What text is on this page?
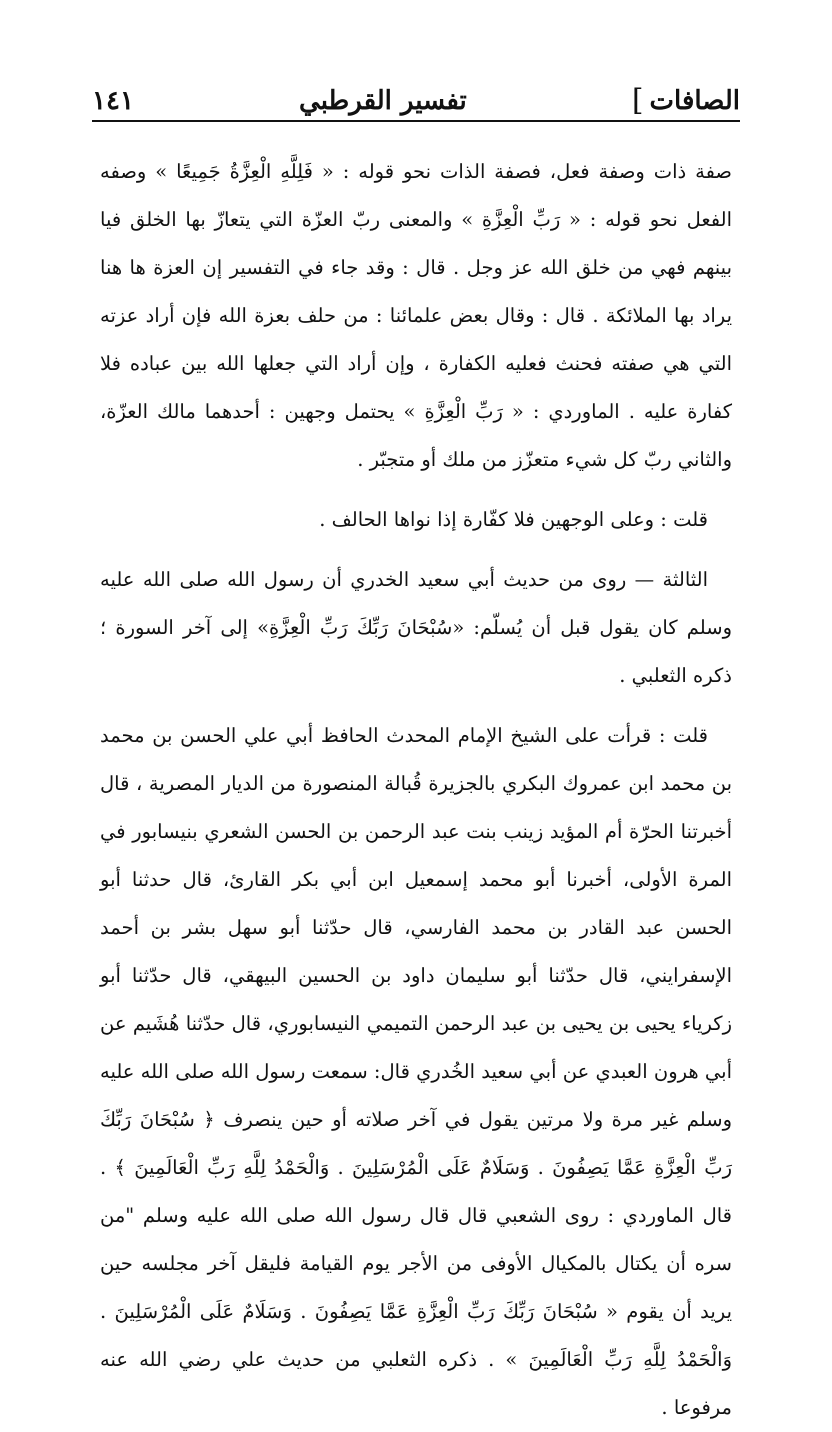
الصافات
]
تفسير القرطبي
١٤١

صفة ذات وصفة فعل، فصفة الذات نحو قوله : « فَلِلَّهِ الْعِزَّةُ جَمِيعًا » وصفه الفعل نحو قوله : « رَبِّ الْعِزَّةِ » والمعنى ربّ العزّة التي يتعازّ بها الخلق فيا بينهم فهي من خلق الله عز وجل . قال : وقد جاء في التفسير إن العزة ها هنا يراد بها الملائكة . قال : وقال بعض علمائنا : من حلف بعزة الله فإن أراد عزته التي هي صفته فحنث فعليه الكفارة ، وإن أراد التي جعلها الله بين عباده فلا كفارة عليه . الماوردي : « رَبِّ الْعِزَّةِ » يحتمل وجهين : أحدهما مالك العزّة، والثاني ربّ كل شيء متعزّز من ملك أو متجبّر .

قلت : وعلى الوجهين فلا كفّارة إذا نواها الحالف .

الثالثة — روى من حديث أبي سعيد الخدري أن رسول الله صلى الله عليه وسلم كان يقول قبل أن يُسلّم: «سُبْحَانَ رَبِّكَ رَبِّ الْعِزَّةِ» إلى آخر السورة ؛ ذكره الثعلبي .

قلت : قرأت على الشيخ الإمام المحدث الحافظ أبي علي الحسن بن محمد بن محمد ابن عمروك البكري بالجزيرة قُبالة المنصورة من الديار المصرية ، قال أخبرتنا الحرّة أم المؤيد زينب بنت عبد الرحمن بن الحسن الشعري بنيسابور في المرة الأولى، أخبرنا أبو محمد إسمعيل ابن أبي بكر القارئ، قال حدثنا أبو الحسن عبد القادر بن محمد الفارسي، قال حدّثنا أبو سهل بشر بن أحمد الإسفرايني، قال حدّثنا أبو سليمان داود بن الحسين البيهقي، قال حدّثنا أبو زكرياء يحيى بن يحيى بن عبد الرحمن التميمي النيسابوري، قال حدّثنا هُشَيم عن أبي هرون العبدي عن أبي سعيد الخُدري قال: سمعت رسول الله صلى الله عليه وسلم غير مرة ولا مرتين يقول في آخر صلاته أو حين ينصرف ﴿ سُبْحَانَ رَبِّكَ رَبِّ الْعِزَّةِ عَمَّا يَصِفُونَ . وَسَلَامٌ عَلَى الْمُرْسَلِينَ . وَالْحَمْدُ لِلَّهِ رَبِّ الْعَالَمِينَ ﴾ . قال الماوردي : روى الشعبي قال قال رسول الله صلى الله عليه وسلم "من سره أن يكتال بالمكيال الأوفى من الأجر يوم القيامة فليقل آخر مجلسه حين يريد أن يقوم « سُبْحَانَ رَبِّكَ رَبِّ الْعِزَّةِ عَمَّا يَصِفُونَ . وَسَلَامٌ عَلَى الْمُرْسَلِينَ . وَالْحَمْدُ لِلَّهِ رَبِّ الْعَالَمِينَ » . ذكره الثعلبي من حديث علي رضي الله عنه مرفوعا .
